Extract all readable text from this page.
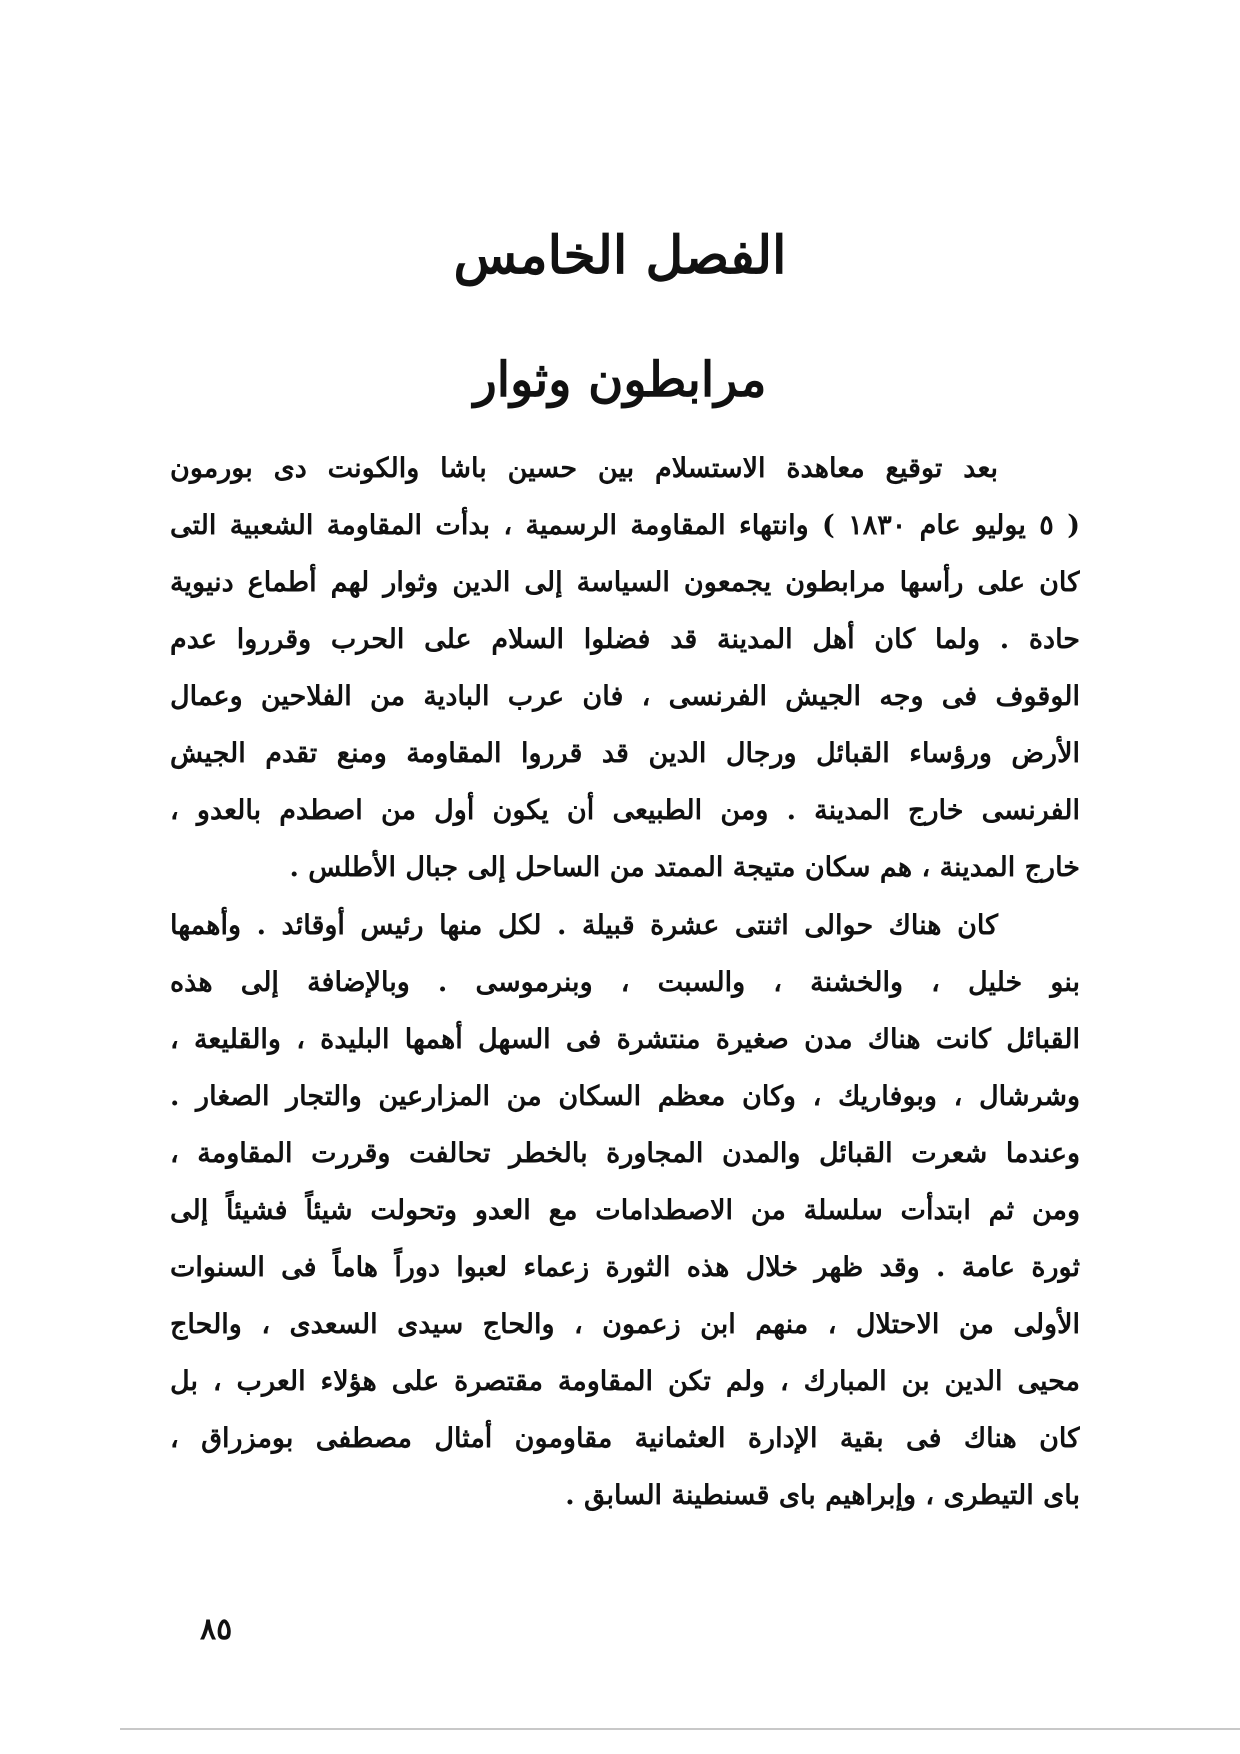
الفصل الخامس
مرابطون وثوار
بعد توقيع معاهدة الاستسلام بين حسين باشا والكونت دى بورمون
( ٥ يوليو عام ١٨٣٠ ) وانتهاء المقاومة الرسمية ، بدأت المقاومة الشعبية التى
كان على رأسها مرابطون يجمعون السياسة إلى الدين وثوار لهم أطماع دنيوية
حادة . ولما كان أهل المدينة قد فضلوا السلام على الحرب وقرروا عدم
الوقوف فى وجه الجيش الفرنسى ، فان عرب البادية من الفلاحين وعمال
الأرض ورؤساء القبائل ورجال الدين قد قرروا المقاومة ومنع تقدم الجيش
الفرنسى خارج المدينة . ومن الطبيعى أن يكون أول من اصطدم بالعدو ،
خارج المدينة ، هم سكان متيجة الممتد من الساحل إلى جبال الأطلس .
كان هناك حوالى اثنتى عشرة قبيلة . لكل منها رئيس أوقائد . وأهمها
بنو خليل ، والخشنة ، والسبت ، وبنرموسى . وبالإضافة إلى هذه
القبائل كانت هناك مدن صغيرة منتشرة فى السهل أهمها البليدة ، والقليعة ،
وشرشال ، وبوفاريك ، وكان معظم السكان من المزارعين والتجار الصغار .
وعندما شعرت القبائل والمدن المجاورة بالخطر تحالفت وقررت المقاومة ،
ومن ثم ابتدأت سلسلة من الاصطدامات مع العدو وتحولت شيئاً فشيئاً إلى
ثورة عامة . وقد ظهر خلال هذه الثورة زعماء لعبوا دوراً هاماً فى السنوات
الأولى من الاحتلال ، منهم ابن زعمون ، والحاج سيدى السعدى ، والحاج
محيى الدين بن المبارك ، ولم تكن المقاومة مقتصرة على هؤلاء العرب ، بل
كان هناك فى بقية الإدارة العثمانية مقاومون أمثال مصطفى بومزراق ،
باى التيطرى ، وإبراهيم باى قسنطينة السابق .
٨٥
